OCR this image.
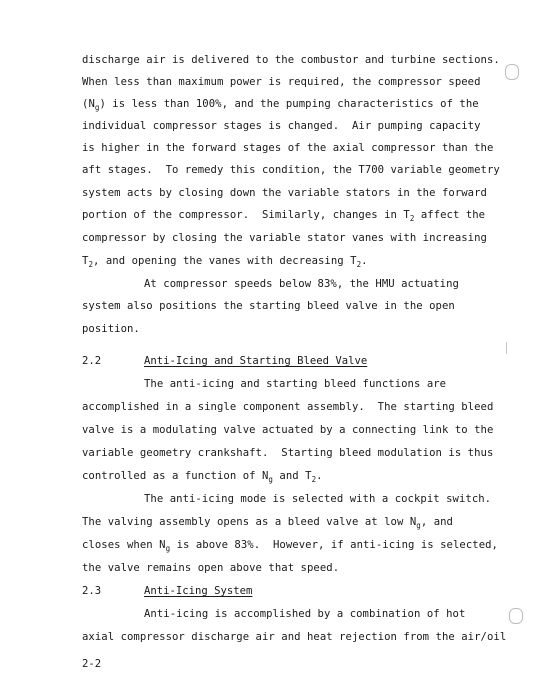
discharge air is delivered to the combustor and turbine sections.
When less than maximum power is required, the compressor speed
$(N_g)$ is less than 100%, and the pumping characteristics of the
individual compressor stages is changed.  Air pumping capacity
is higher in the forward stages of the axial compressor than the
aft stages.  To remedy this condition, the T700 variable geometry
system acts by closing down the variable stators in the forward
portion of the compressor.  Similarly, changes in $T_2$ affect the
compressor by closing the variable stator vanes with increasing
$T_2$, and opening the vanes with decreasing $T_2$.
At compressor speeds below 83%, the HMU actuating
system also positions the starting bleed valve in the open
position.
2.2	Anti-Icing and Starting Bleed Valve
The anti-icing and starting bleed functions are
accomplished in a single component assembly.  The starting bleed
valve is a modulating valve actuated by a connecting link to the
variable geometry crankshaft.  Starting bleed modulation is thus
controlled as a function of $N_g$ and $T_2$.
The anti-icing mode is selected with a cockpit switch.
The valving assembly opens as a bleed valve at low $N_g$, and
closes when $N_g$ is above 83%.  However, if anti-icing is selected,
the valve remains open above that speed.
2.3	Anti-Icing System
Anti-icing is accomplished by a combination of hot
axial compressor discharge air and heat rejection from the air/oil
2-2
